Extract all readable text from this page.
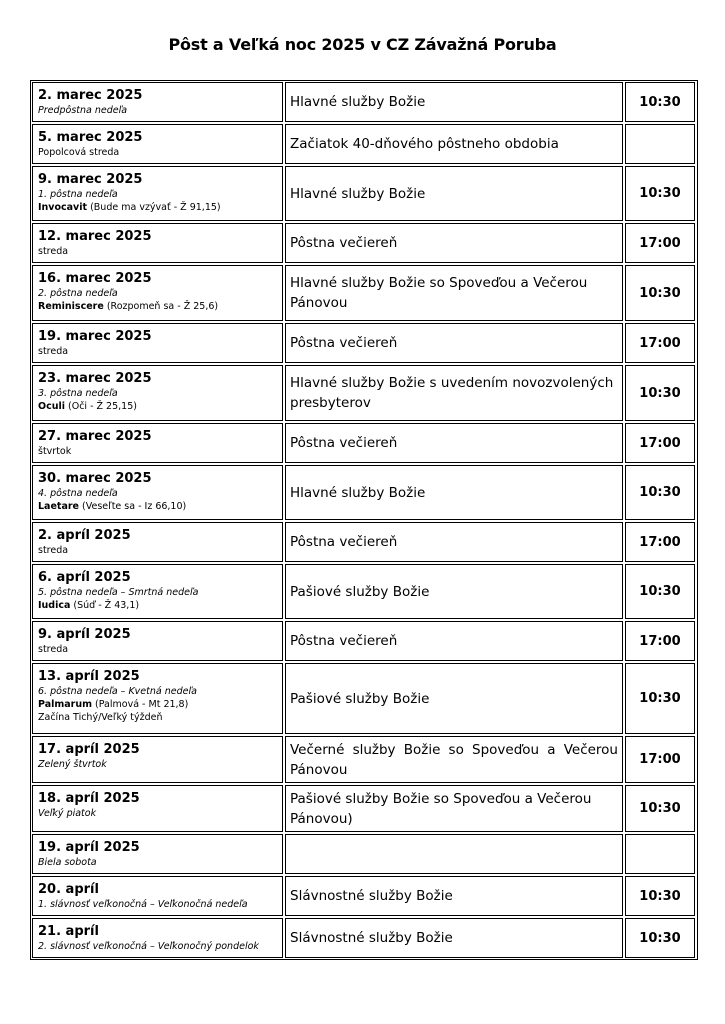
Pôst a Veľká noc 2025 v CZ Závažná Poruba
2. marec 2025
Predpôstna nedeľa
Hlavné služby Božie	10:30
5. marec 2025
Popolcová streda
Začiatok 40-dňového pôstneho obdobia
9. marec 2025
1. pôstna nedeľa
Invocavit (Bude ma vzývať - Ž 91,15)
Hlavné služby Božie	10:30
12. marec 2025
streda
Pôstna večiereň	17:00
16. marec 2025
2. pôstna nedeľa
Reminiscere (Rozpomeň sa - Ž 25,6)
Hlavné služby Božie so Spoveďou a Večerou Pánovou
10:30
19. marec 2025
streda
Pôstna večiereň	17:00
23. marec 2025
3. pôstna nedeľa
Oculi (Oči - Ž 25,15)
Hlavné služby Božie s uvedením novozvolených presbyterov
10:30
27. marec 2025
štvrtok
Pôstna večiereň	17:00
30. marec 2025
4. pôstna nedeľa
Laetare (Veseľte sa - Iz 66,10)
Hlavné služby Božie	10:30
2. apríl 2025
streda
Pôstna večiereň	17:00
6. apríl 2025
5. pôstna nedeľa – Smrtná nedeľa
Iudica (Súď - Ž 43,1)
Pašiové služby Božie	10:30
9. apríl 2025
streda
Pôstna večiereň	17:00
13. apríl 2025
6. pôstna nedeľa – Kvetná nedeľa
Palmarum (Palmová - Mt 21,8)
Začína Tichý/Veľký týždeň
Pašiové služby Božie	10:30
17. apríl 2025
Zelený štvrtok
Večerné služby Božie so Spoveďou a Večerou Pánovou
17:00
18. apríl 2025
Veľký piatok
Pašiové služby Božie so Spoveďou a Večerou Pánovou)
10:30
19. apríl 2025
Biela sobota
20. apríl
1. slávnosť veľkonočná – Veľkonočná nedeľa
Slávnostné služby Božie	10:30
21. apríl
2. slávnosť veľkonočná – Veľkonočný pondelok
Slávnostné služby Božie	10:30
